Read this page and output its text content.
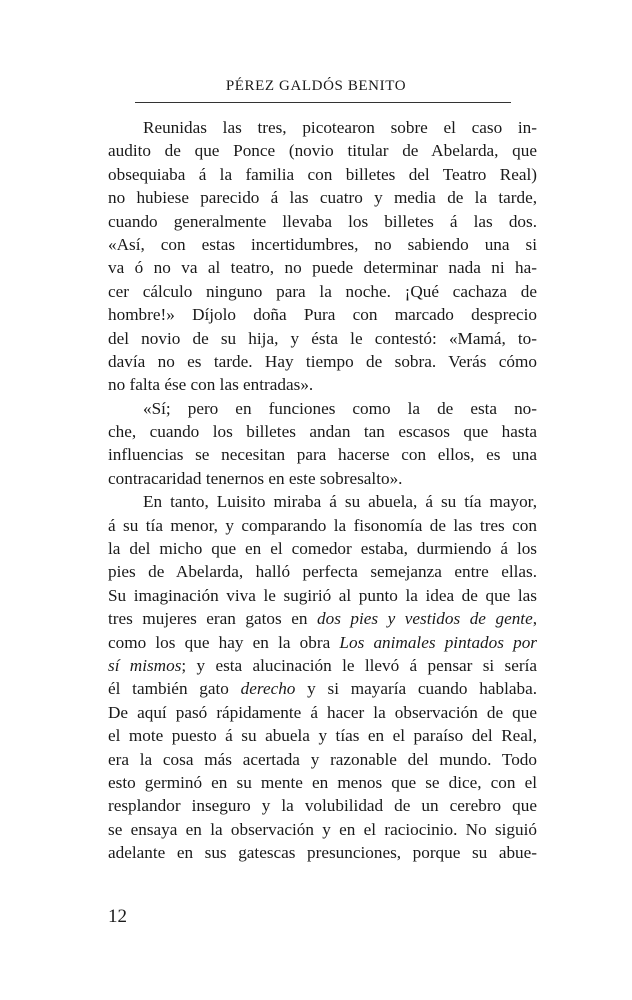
PÉREZ GALDÓS BENITO
Reunidas las tres, picotearon sobre el caso in-
audito de que Ponce (novio titular de Abelarda, que
obsequiaba á la familia con billetes del Teatro Real)
no hubiese parecido á las cuatro y media de la tarde,
cuando generalmente llevaba los billetes á las dos.
«Así, con estas incertidumbres, no sabiendo una si
va ó no va al teatro, no puede determinar nada ni ha-
cer cálculo ninguno para la noche. ¡Qué cachaza de
hombre!» Díjolo doña Pura con marcado desprecio
del novio de su hija, y ésta le contestó: «Mamá, to-
davía no es tarde. Hay tiempo de sobra. Verás cómo
no falta ése con las entradas».
«Sí; pero en funciones como la de esta no-
che, cuando los billetes andan tan escasos que hasta
influencias se necesitan para hacerse con ellos, es una
contracaridad tenernos en este sobresalto».
En tanto, Luisito miraba á su abuela, á su tía mayor,
á su tía menor, y comparando la fisonomía de las tres con
la del micho que en el comedor estaba, durmiendo á los
pies de Abelarda, halló perfecta semejanza entre ellas.
Su imaginación viva le sugirió al punto la idea de que las
tres mujeres eran gatos en dos pies y vestidos de gente,
como los que hay en la obra Los animales pintados por
sí mismos; y esta alucinación le llevó á pensar si sería
él también gato derecho y si mayaría cuando hablaba.
De aquí pasó rápidamente á hacer la observación de que
el mote puesto á su abuela y tías en el paraíso del Real,
era la cosa más acertada y razonable del mundo. Todo
esto germinó en su mente en menos que se dice, con el
resplandor inseguro y la volubilidad de un cerebro que
se ensaya en la observación y en el raciocinio. No siguió
adelante en sus gatescas presunciones, porque su abue-
12
